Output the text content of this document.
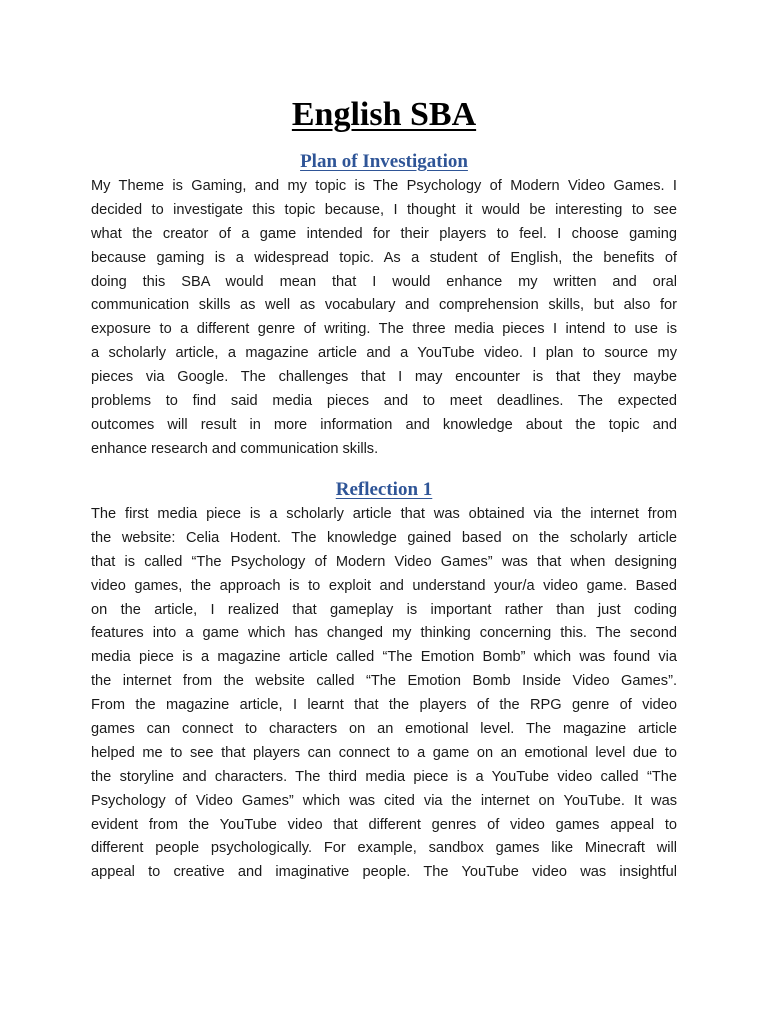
English SBA
Plan of Investigation

My Theme is Gaming, and my topic is The Psychology of Modern Video Games. I
decided to investigate this topic because, I thought it would be interesting to see
what the creator of a game intended for their players to feel. I choose gaming
because gaming is a widespread topic. As a student of English, the benefits of
doing this SBA would mean that I would enhance my written and oral
communication skills as well as vocabulary and comprehension skills, but also for
exposure to a different genre of writing. The three media pieces I intend to use is
a scholarly article, a magazine article and a YouTube video. I plan to source my
pieces via Google. The challenges that I may encounter is that they maybe
problems to find said media pieces and to meet deadlines. The expected
outcomes will result in more information and knowledge about the topic and
enhance research and communication skills.

Reflection 1

The first media piece is a scholarly article that was obtained via the internet from
the website: Celia Hodent. The knowledge gained based on the scholarly article
that is called “The Psychology of Modern Video Games” was that when designing
video games, the approach is to exploit and understand your/a video game. Based
on the article, I realized that gameplay is important rather than just coding
features into a game which has changed my thinking concerning this. The second
media piece is a magazine article called “The Emotion Bomb” which was found via
the internet from the website called “The Emotion Bomb Inside Video Games”.
From the magazine article, I learnt that the players of the RPG genre of video
games can connect to characters on an emotional level. The magazine article
helped me to see that players can connect to a game on an emotional level due to
the storyline and characters. The third media piece is a YouTube video called “The
Psychology of Video Games” which was cited via the internet on YouTube. It was
evident from the YouTube video that different genres of video games appeal to
different people psychologically. For example, sandbox games like Minecraft will
appeal to creative and imaginative people. The YouTube video was insightful
